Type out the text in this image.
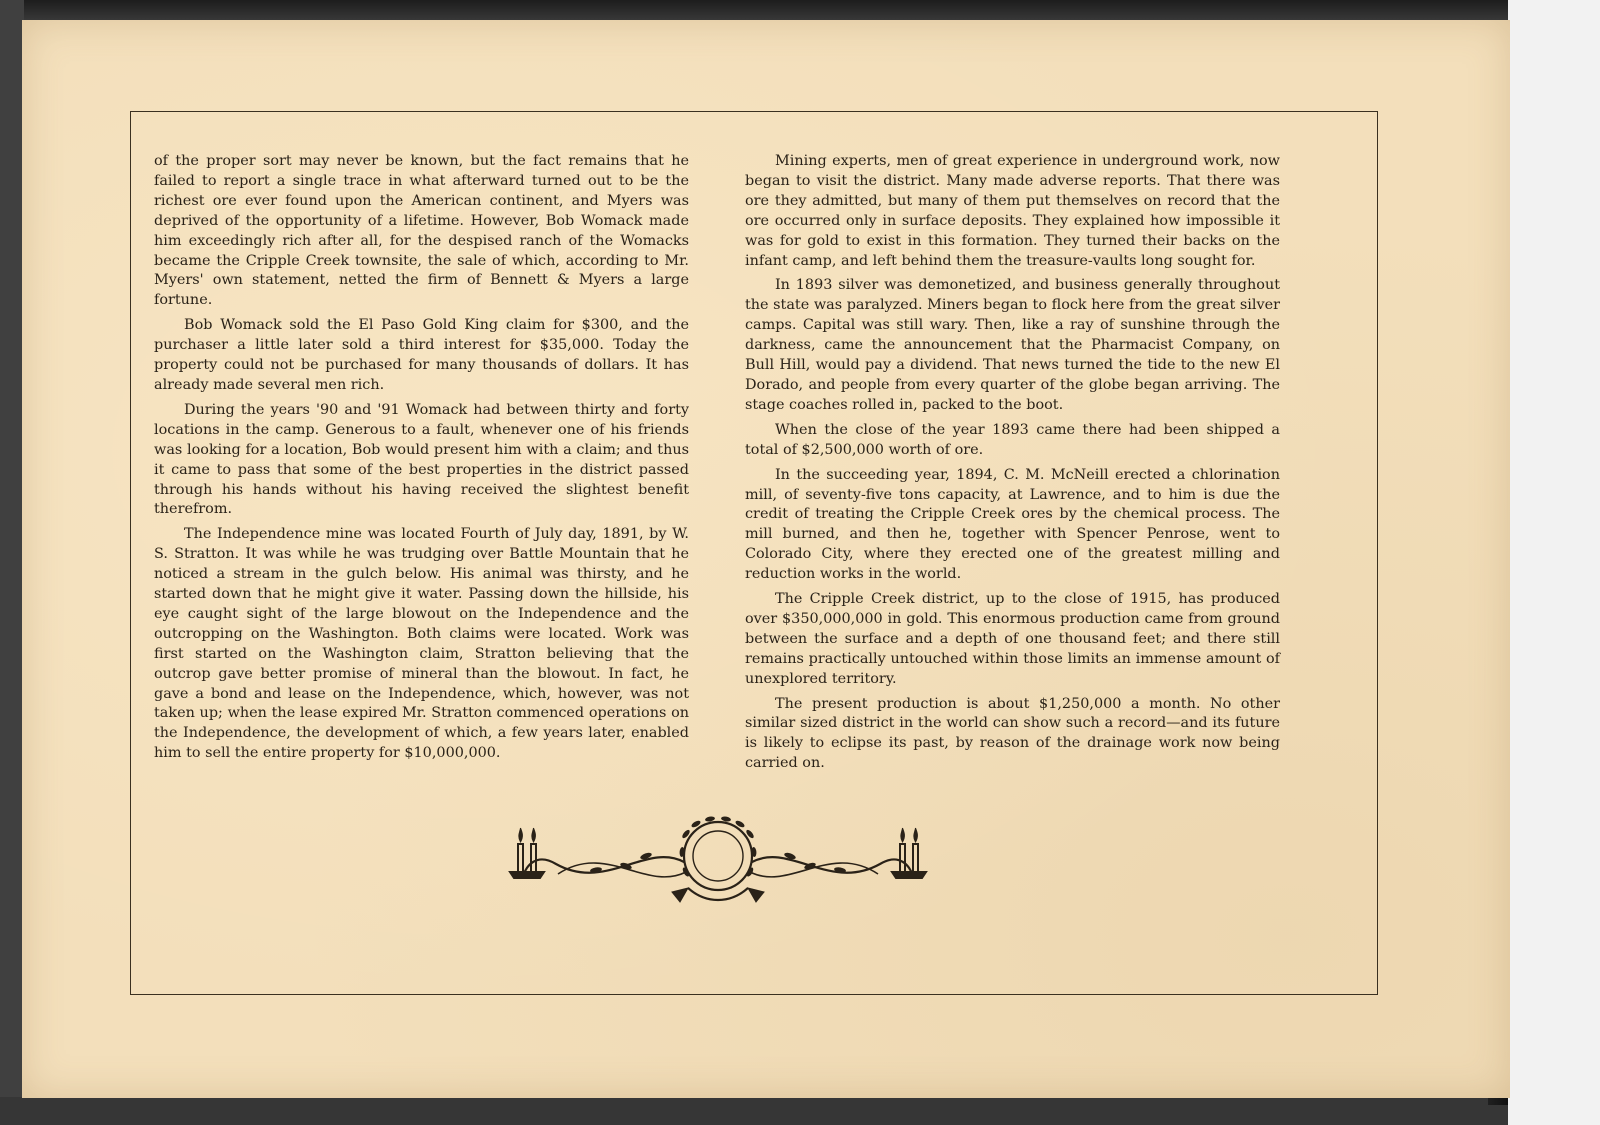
of the proper sort may never be known, but the fact remains that he failed to report a single trace in what afterward turned out to be the richest ore ever found upon the American continent, and Myers was deprived of the opportunity of a lifetime. However, Bob Womack made him exceedingly rich after all, for the despised ranch of the Womacks became the Cripple Creek townsite, the sale of which, according to Mr. Myers' own statement, netted the firm of Bennett & Myers a large fortune.

Bob Womack sold the El Paso Gold King claim for $300, and the purchaser a little later sold a third interest for $35,000. Today the property could not be purchased for many thousands of dollars. It has already made several men rich.

During the years '90 and '91 Womack had between thirty and forty locations in the camp. Generous to a fault, whenever one of his friends was looking for a location, Bob would present him with a claim; and thus it came to pass that some of the best properties in the district passed through his hands without his having received the slightest benefit therefrom.

The Independence mine was located Fourth of July day, 1891, by W. S. Stratton. It was while he was trudging over Battle Mountain that he noticed a stream in the gulch below. His animal was thirsty, and he started down that he might give it water. Passing down the hillside, his eye caught sight of the large blowout on the Independence and the outcropping on the Washington. Both claims were located. Work was first started on the Washington claim, Stratton believing that the outcrop gave better promise of mineral than the blowout. In fact, he gave a bond and lease on the Independence, which, however, was not taken up; when the lease expired Mr. Stratton commenced operations on the Independence, the development of which, a few years later, enabled him to sell the entire property for $10,000,000.

Mining experts, men of great experience in underground work, now began to visit the district. Many made adverse reports. That there was ore they admitted, but many of them put themselves on record that the ore occurred only in surface deposits. They explained how impossible it was for gold to exist in this formation. They turned their backs on the infant camp, and left behind them the treasure-vaults long sought for.

In 1893 silver was demonetized, and business generally throughout the state was paralyzed. Miners began to flock here from the great silver camps. Capital was still wary. Then, like a ray of sunshine through the darkness, came the announcement that the Pharmacist Company, on Bull Hill, would pay a dividend. That news turned the tide to the new El Dorado, and people from every quarter of the globe began arriving. The stage coaches rolled in, packed to the boot.

When the close of the year 1893 came there had been shipped a total of $2,500,000 worth of ore.

In the succeeding year, 1894, C. M. McNeill erected a chlorination mill, of seventy-five tons capacity, at Lawrence, and to him is due the credit of treating the Cripple Creek ores by the chemical process. The mill burned, and then he, together with Spencer Penrose, went to Colorado City, where they erected one of the greatest milling and reduction works in the world.

The Cripple Creek district, up to the close of 1915, has produced over $350,000,000 in gold. This enormous production came from ground between the surface and a depth of one thousand feet; and there still remains practically untouched within those limits an immense amount of unexplored territory.

The present production is about $1,250,000 a month. No other similar sized district in the world can show such a record—and its future is likely to eclipse its past, by reason of the drainage work now being carried on.
